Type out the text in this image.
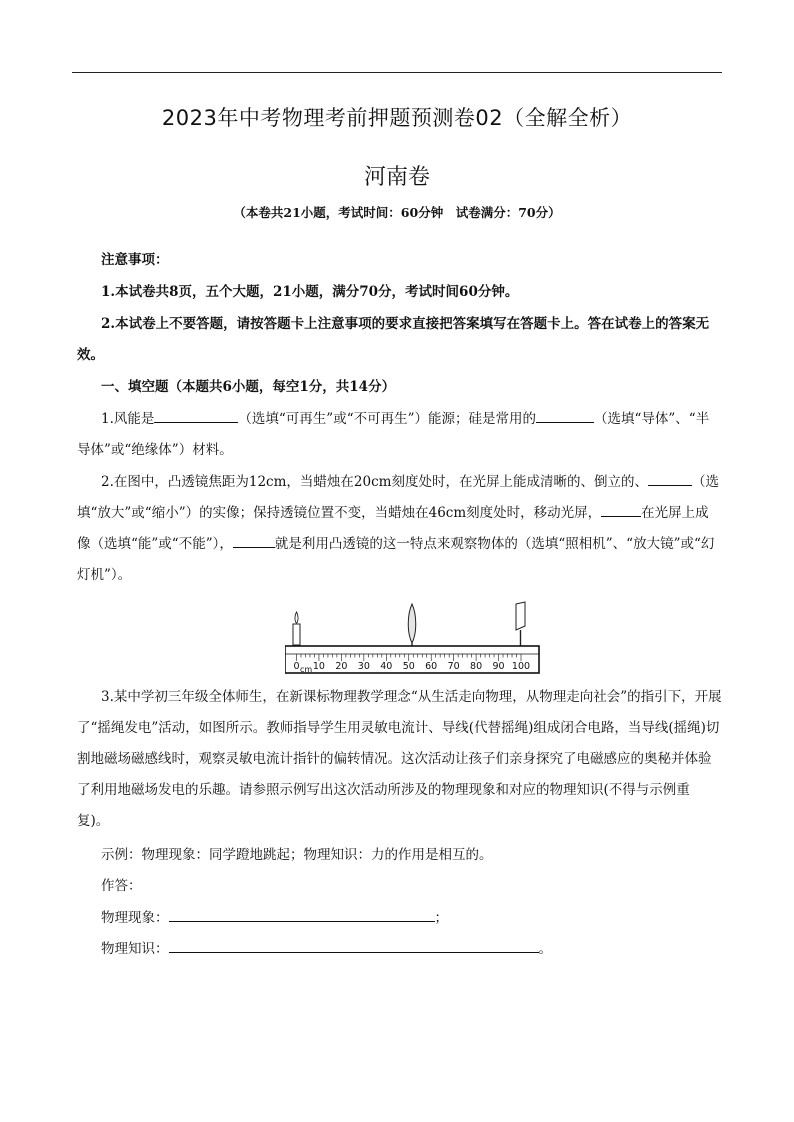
2023年中考物理考前押题预测卷02（全解全析）
河南卷
（本卷共21小题，考试时间：60分钟　试卷满分：70分）
注意事项：
1.本试卷共8页，五个大题，21小题，满分70分，考试时间60分钟。
2.本试卷上不要答题，请按答题卡上注意事项的要求直接把答案填写在答题卡上。答在试卷上的答案无效。
一、填空题（本题共6小题，每空1分，共14分）
1.风能是	（选填“可再生”或“不可再生”）能源；硅是常用的	（选填“导体”、“半导体”或“绝缘体”）材料。
2.在图中，凸透镜焦距为12cm，当蜡烛在20cm刻度处时，在光屏上能成清晰的、倒立的、	（选填“放大”或“缩小”）的实像；保持透镜位置不变，当蜡烛在46cm刻度处时，移动光屏，	在光屏上成像（选填“能”或“不能”），	就是利用凸透镜的这一特点来观察物体的（选填“照相机”、“放大镜”或“幻灯机”）。
0 10 20 30 40 50 60 70 80 90 100
cm
3.某中学初三年级全体师生，在新课标物理教学理念“从生活走向物理，从物理走向社会”的指引下，开展了“摇绳发电”活动，如图所示。教师指导学生用灵敏电流计、导线(代替摇绳)组成闭合电路，当导线(摇绳)切割地磁场磁感线时，观察灵敏电流计指针的偏转情况。这次活动让孩子们亲身探究了电磁感应的奥秘并体验了利用地磁场发电的乐趣。请参照示例写出这次活动所涉及的物理现象和对应的物理知识(不得与示例重复)。
示例：物理现象：同学蹬地跳起；物理知识：力的作用是相互的。
作答：
物理现象：	；
物理知识：	。
